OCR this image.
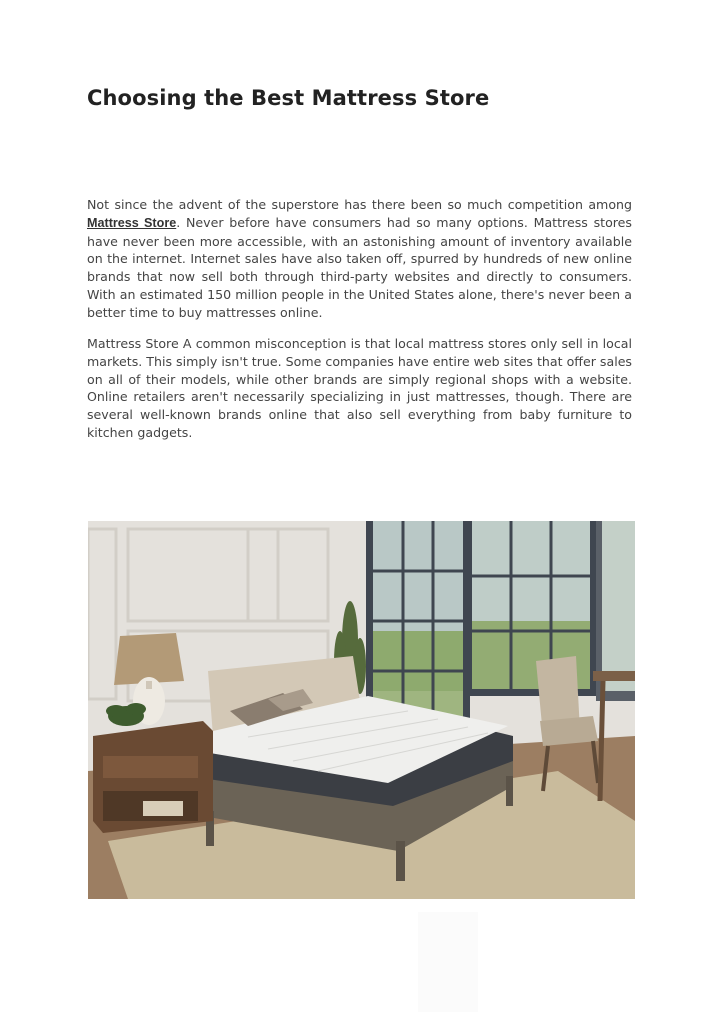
Choosing the Best Mattress Store

Not since the advent of the superstore has there been so much competition among Mattress Store. Never before have consumers had so many options. Mattress stores have never been more accessible, with an astonishing amount of inventory available on the internet. Internet sales have also taken off, spurred by hundreds of new online brands that now sell both through third-party websites and directly to consumers. With an estimated 150 million people in the United States alone, there's never been a better time to buy mattresses online.

Mattress Store A common misconception is that local mattress stores only sell in local markets. This simply isn't true. Some companies have entire web sites that offer sales on all of their models, while other brands are simply regional shops with a website. Online retailers aren't necessarily specializing in just mattresses, though. There are several well-known brands online that also sell everything from baby furniture to kitchen gadgets.
